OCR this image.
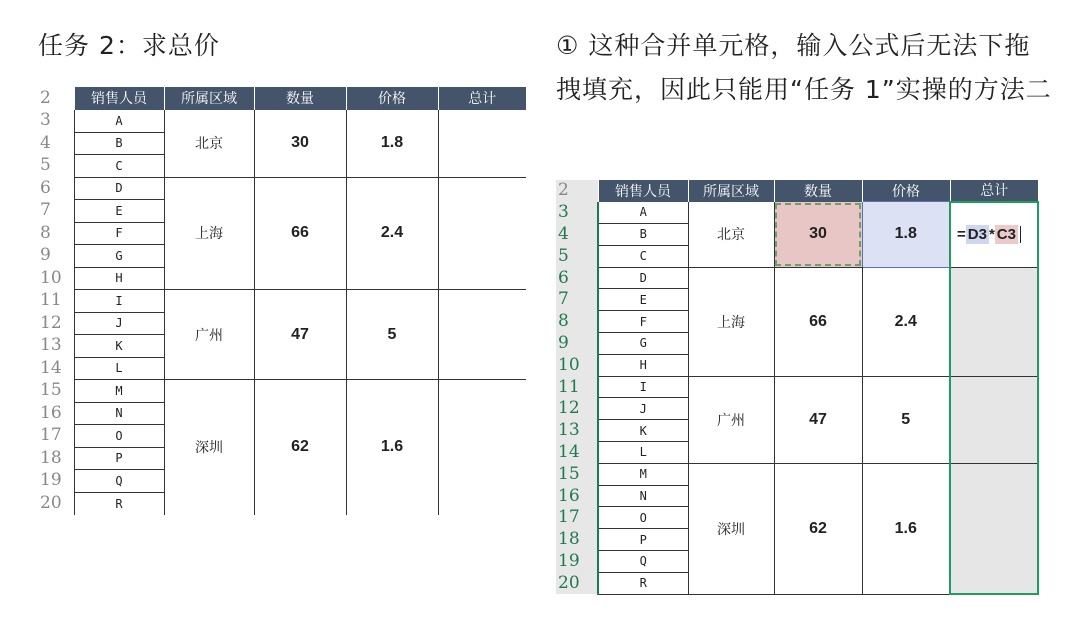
任务 2：求总价	① 这种合并单元格，输入公式后无法下拖拽填充，因此只能用“任务 1”实操的方法二
2	销售人员	所属区域	数量	价格	总计
3	A	北京	30	1.8	
4	B				
5	C				
6	D	上海	66	2.4	
7	E				
8	F				
9	G				
10	H				
11	I	广州	47	5	
12	J				
13	K				
14	L				
15	M	深圳	62	1.6	
16	N				
17	O				
18	P				
19	Q				
20	R				
2	销售人员	所属区域	数量	价格	总计
3	A	北京	30	1.8	= D3 * C3
4	B				
5	C				
6	D	上海	66	2.4	
7	E				
8	F				
9	G				
10	H				
11	I	广州	47	5	
12	J				
13	K				
14	L				
15	M	深圳	62	1.6	
16	N				
17	O				
18	P				
19	Q				
20	R				
